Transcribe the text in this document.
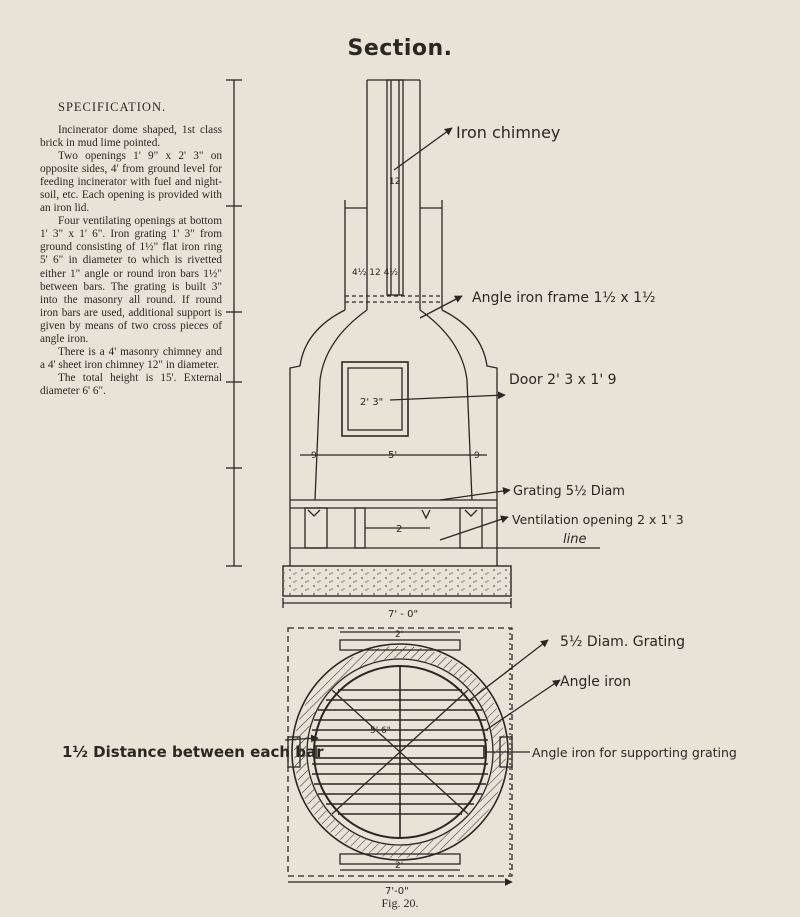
Section.
SPECIFICATION.

Incinerator dome shaped, 1st class brick in mud lime pointed.

Two openings 1' 9" x 2' 3" on opposite sides, 4' from ground level for feeding incinerator with fuel and night-soil, etc. Each opening is provided with an iron lid.

Four ventilating openings at bottom 1' 3" x 1' 6". Iron grating 1' 3" from ground consisting of 1½" flat iron ring 5' 6" in diameter to which is rivetted either 1" angle or round iron bars 1½" between bars. The grating is built 3" into the masonry all round. If round iron bars are used, additional support is given by means of two cross pieces of angle iron.

There is a 4' masonry chimney and a 4' sheet iron chimney 12" in diameter.

The total height is 15'. External diameter 6' 6".

Iron chimney
Angle iron frame 1½ x 1½
Door 2' 3 x 1' 9
Grating 5½ Diam
Ventilation opening 2 x 1' 3
line
12
4½ 12 4½
2' 3"
5'
9	9
2
7' - 0"
5½ Diam. Grating
Angle iron
Angle iron for supporting grating
1½ Distance between each bar
2'
2'
5' 6"
7'-0"
Fig. 20.
